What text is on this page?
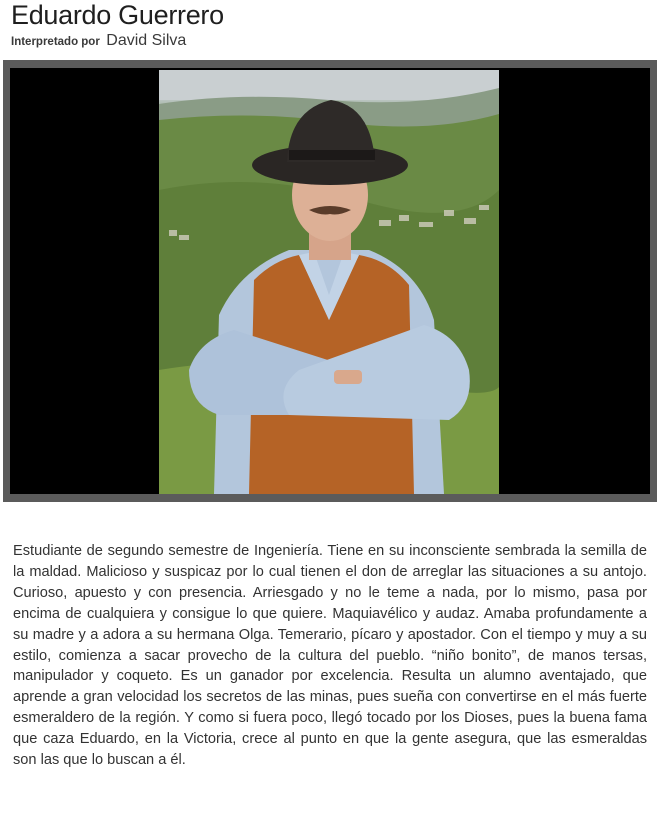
Eduardo Guerrero
Interpretado por David Silva

Estudiante de segundo semestre de Ingeniería. Tiene en su inconsciente sembrada la semilla de la maldad. Malicioso y suspicaz por lo cual tienen el don de arreglar las situaciones a su antojo. Curioso, apuesto y con presencia. Arriesgado y no le teme a nada, por lo mismo, pasa por encima de cualquiera y consigue lo que quiere. Maquiavélico y audaz. Amaba profundamente a su madre y a adora a su hermana Olga. Temerario, pícaro y apostador. Con el tiempo y muy a su estilo, comienza a sacar provecho de la cultura del pueblo. “niño bonito”, de manos tersas, manipulador y coqueto. Es un ganador por excelencia. Resulta un alumno aventajado, que aprende a gran velocidad los secretos de las minas, pues sueña con convertirse en el más fuerte esmeraldero de la región. Y como si fuera poco, llegó tocado por los Dioses, pues la buena fama que caza Eduardo, en la Victoria, crece al punto en que la gente asegura, que las esmeraldas son las que lo buscan a él.
